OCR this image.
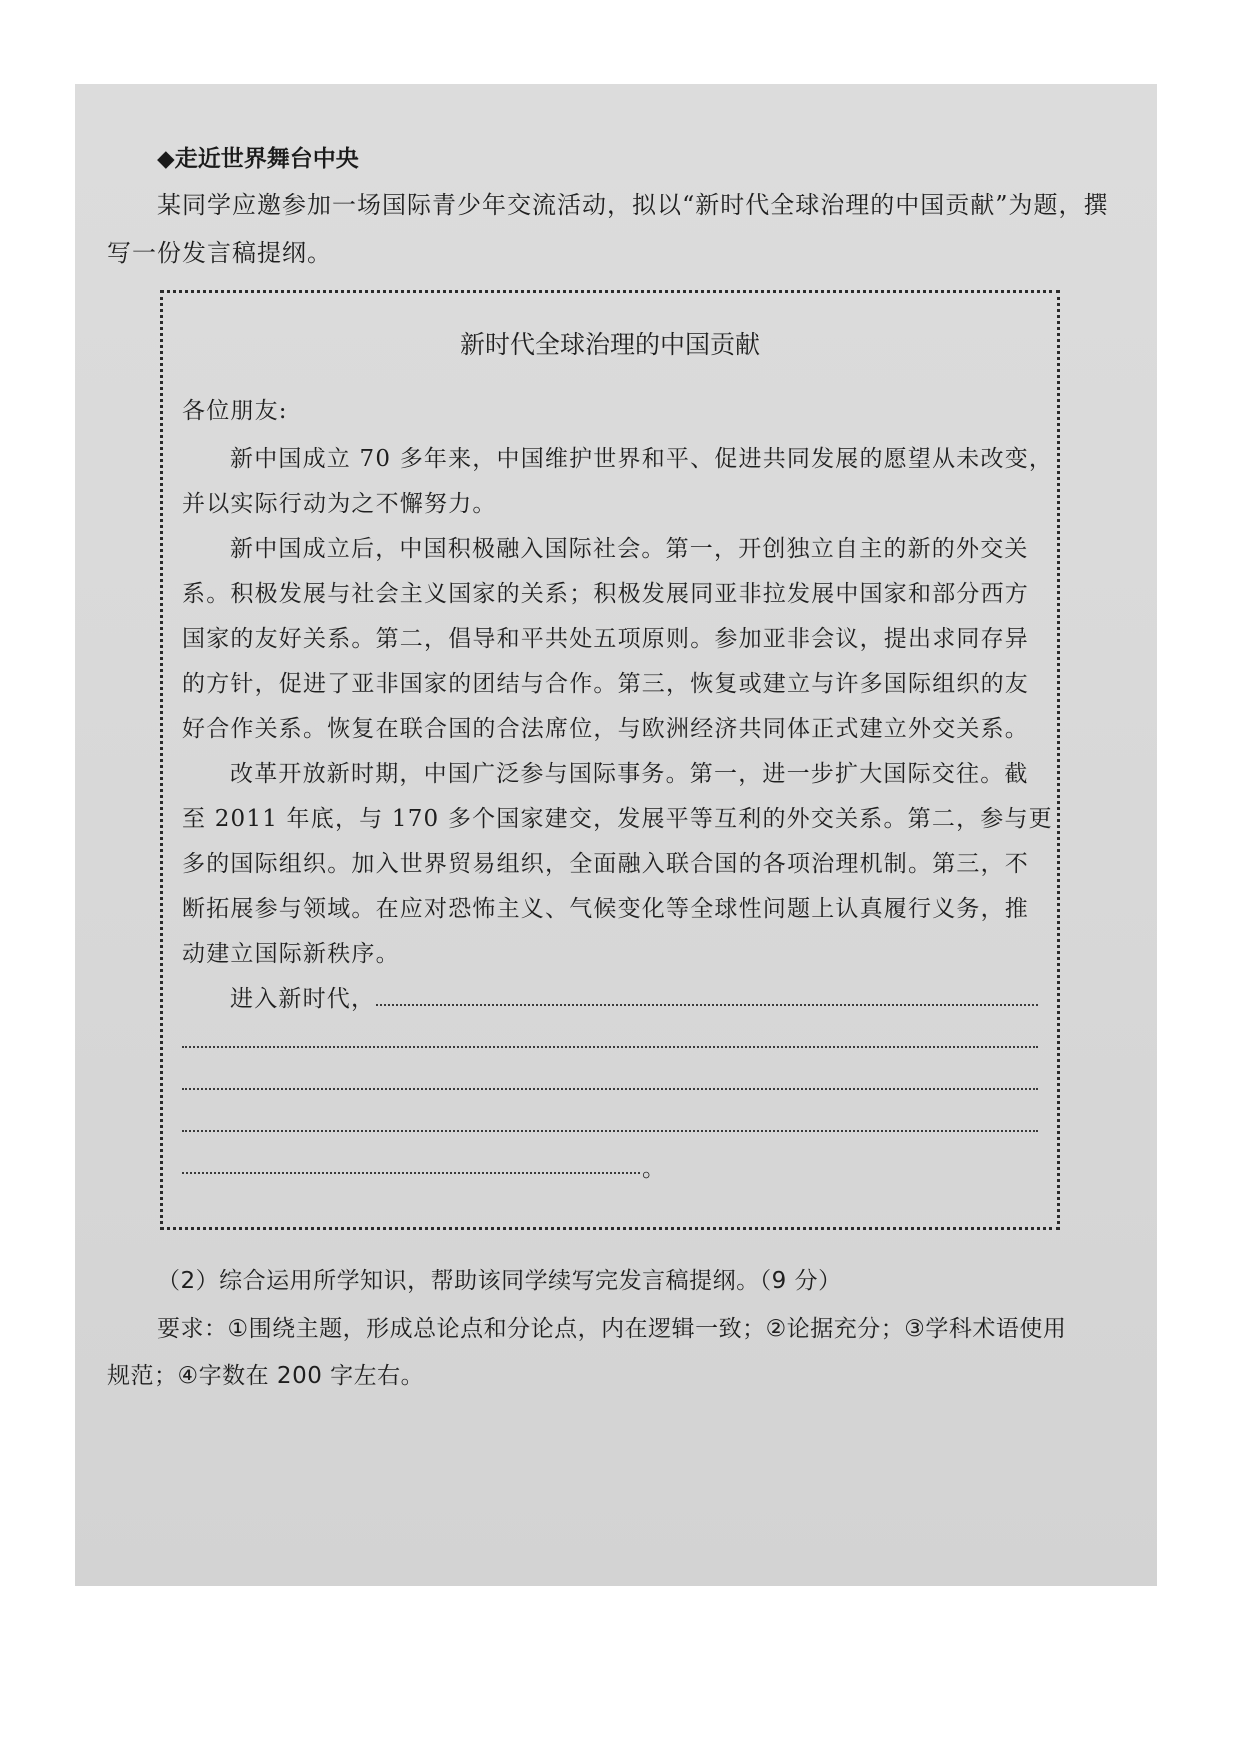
◆走近世界舞台中央
某同学应邀参加一场国际青少年交流活动，拟以“新时代全球治理的中国贡献”为题，撰
写一份发言稿提纲。
新时代全球治理的中国贡献
各位朋友:
新中国成立 70 多年来，中国维护世界和平、促进共同发展的愿望从未改变，
并以实际行动为之不懈努力。
新中国成立后，中国积极融入国际社会。第一，开创独立自主的新的外交关
系。积极发展与社会主义国家的关系；积极发展同亚非拉发展中国家和部分西方
国家的友好关系。第二，倡导和平共处五项原则。参加亚非会议，提出求同存异
的方针，促进了亚非国家的团结与合作。第三，恢复或建立与许多国际组织的友
好合作关系。恢复在联合国的合法席位，与欧洲经济共同体正式建立外交关系。
改革开放新时期，中国广泛参与国际事务。第一，进一步扩大国际交往。截
至 2011 年底，与 170 多个国家建交，发展平等互利的外交关系。第二，参与更
多的国际组织。加入世界贸易组织，全面融入联合国的各项治理机制。第三，不
断拓展参与领域。在应对恐怖主义、气候变化等全球性问题上认真履行义务，推
动建立国际新秩序。
进入新时代，
。
（2）综合运用所学知识，帮助该同学续写完发言稿提纲。（9 分）
要求：①围绕主题，形成总论点和分论点，内在逻辑一致；②论据充分；③学科术语使用
规范；④字数在 200 字左右。
